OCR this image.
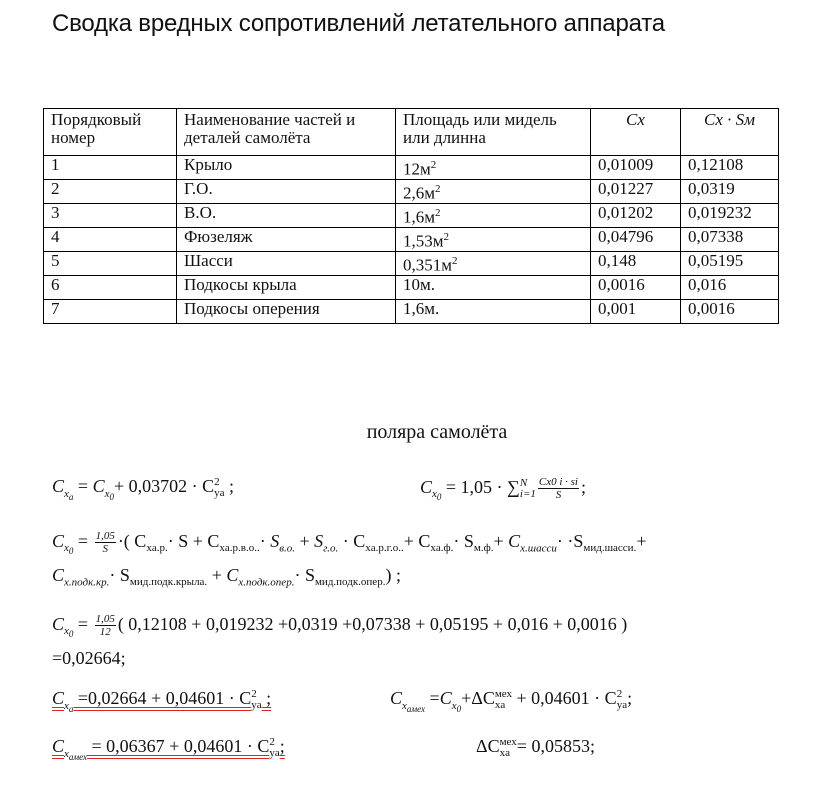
Сводка вредных сопротивлений летательного аппарата
Порядковый номер	Наименование частей и деталей самолёта	Площадь или мидель или длинна	Cx	Cx · Sм
1	Крыло	$12м^2$	0,01009	0,12108
2	Г.О.	$2,6м^2$	0,01227	0,0319
3	В.О.	$1,6м^2$	0,01202	0,019232
4	Фюзеляж	$1,53м^2$	0,04796	0,07338
5	Шасси	$0,351м^2$	0,148	0,05195
6	Подкосы крыла	10м.	0,0016	0,016
7	Подкосы оперения	1,6м.	0,001	0,0016
поляра самолёта
$C_{x_a} = C_{x_0}+ 0,03702 \cdot C$ ya
2 ;	$C_{x_0} = 1,05$ · ∑ i=1
N $\frac{Cx0 i \cdot si}{S}$ ;
$C_{x_0} = \frac{1,05}{S}$ ·( C xa.р.
· S + C xa.р.в.о..
· $S_{в.о.} + S_{г.о.} \cdot C$ xa.р.г.о..
+ C xa.ф.
· S м.ф.
+ $C_{x.шасси}\cdot \cdot S$ мид.шасси.
+
$C_{x.подк.кр.}\cdot S$ мид.подк.крыла.
+ $C_{x.подк.опер.}\cdot S$ мид.подк.опер.
) ;
$C_{x_0} = \frac{1,05}{12}$ ( 0,12108 + 0,019232 +0,0319 +0,07338 + 0,05195 + 0,016 + 0,0016 )
=0,02664;
$C_{x_a} =0,02664 + 0,04601 \cdot C$ ya
2 ;	$C_{x_{aмех}} =C_{x_0}+\Delta C$ xa
мех + 0,04601 · C ya
2 ;
$C_{x_{aмех}} = 0,06367 + 0,04601 \cdot C$ ya
2 ;	ΔC xa
мех = 0,05853;
